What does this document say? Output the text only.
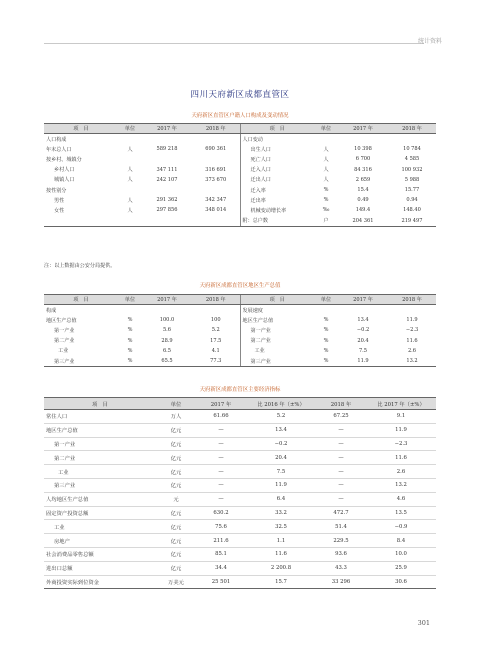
统计资料
四川天府新区成都直管区
天府新区直管区户籍人口构成及变动情况
项　目	单位	2017 年	2018 年	项　目	单位	2017 年	2018 年
人口构成				人口变动			
年末总人口	人	589 218	690 361	出生人口	人	10 398	10 784
按乡村、城镇分				死亡人口	人	6 700	4 585
乡村人口	人	347 111	316 691	迁入人口	人	84 316	100 932
城镇人口	人	242 107	373 670	迁出人口	人	2 659	5 988
按性别分				迁入率	%	15.4	15.77
男性	人	291 362	342 347	迁出率	%	0.49	0.94
女性	人	297 856	348 014	机械变动增长率	‰	149.4	148.40
				附：总户数	户	204 361	219 497
注：以上数据由公安分局提供。
天府新区成都直管区地区生产总值
项　目	单位	2017 年	2018 年	项　目	单位	2017 年	2018 年
构成				发展速度			
地区生产总值	%	100.0	100	地区生产总值	%	13.4	11.9
第一产业	%	5.6	5.2	第一产业	%	−0.2	−2.3
第二产业	%	28.9	17.5	第二产业	%	20.4	11.6
工业	%	6.5	4.1	工业	%	7.5	2.6
第三产业	%	65.5	77.3	第三产业	%	11.9	13.2
天府新区成都直管区主要经济指标
项　目	单位	2017 年	比 2016 年（±%）	2018 年	比 2017 年（±%）
常住人口	万人	61.66	5.2	67.25	9.1
地区生产总值	亿元	—	13.4	—	11.9
第一产业	亿元	—	−0.2	—	−2.3
第二产业	亿元	—	20.4	—	11.6
工业	亿元	—	7.5	—	2.6
第三产业	亿元	—	11.9	—	13.2
人均地区生产总值	元	—	6.4	—	4.6
固定资产投资总额	亿元	630.2	33.2	472.7	13.5
工业	亿元	75.6	32.5	51.4	−0.9
房地产	亿元	211.6	1.1	229.5	8.4
社会消费品零售总额	亿元	85.1	11.6	93.6	10.0
进出口总额	亿元	34.4	2 200.8	43.3	25.9
外商投资实际到位资金	万美元	25 501	15.7	33 296	30.6
301
